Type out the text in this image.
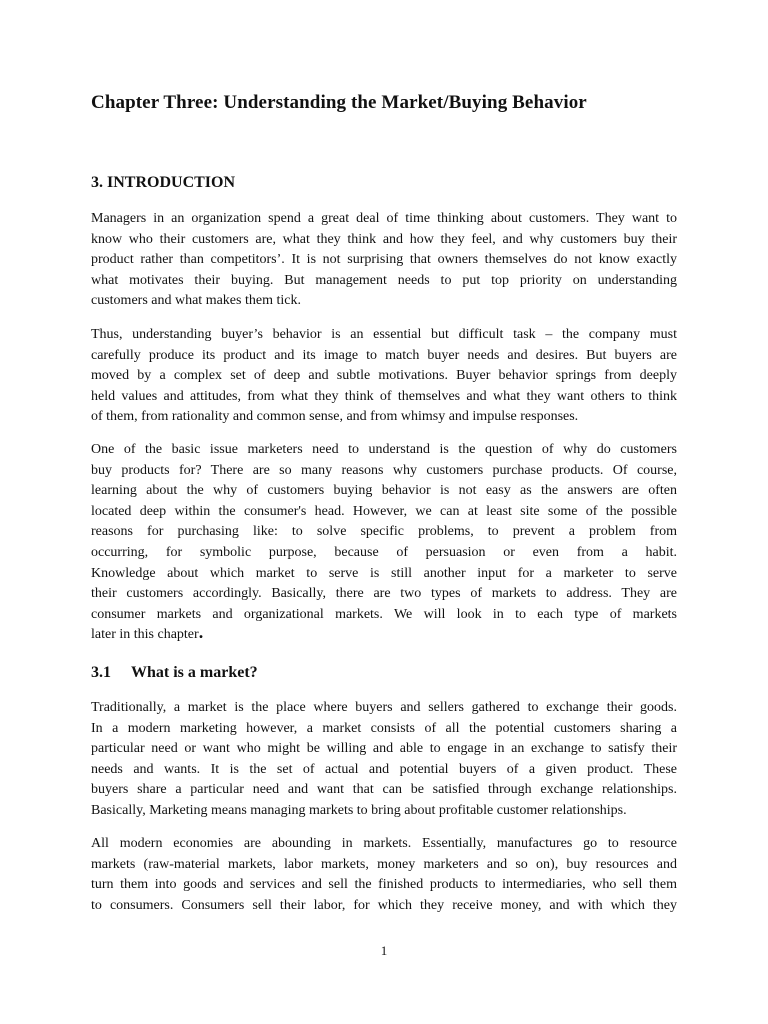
Chapter Three: Understanding the Market/Buying Behavior
3. INTRODUCTION
Managers in an organization spend a great deal of time thinking about customers. They want to
know who their customers are, what they think and how they feel, and why customers buy their
product rather than competitors’. It is not surprising that owners themselves do not know exactly
what motivates their buying. But management needs to put top priority on understanding
customers and what makes them tick.
Thus, understanding buyer’s behavior is an essential but difficult task – the company must
carefully produce its product and its image to match buyer needs and desires. But buyers are
moved by a complex set of deep and subtle motivations. Buyer behavior springs from deeply
held values and attitudes, from what they think of themselves and what they want others to think
of them, from rationality and common sense, and from whimsy and impulse responses.
One of the basic issue marketers need to understand is the question of why do customers
buy products for? There are so many reasons why customers purchase products. Of course,
learning about the why of customers buying behavior is not easy as the answers are often
located deep within the consumer's head. However, we can at least site some of the possible
reasons for purchasing like: to solve specific problems, to prevent a problem from
occurring, for symbolic purpose, because of persuasion or even from a habit.
Knowledge about which market to serve is still another input for a marketer to serve
their customers accordingly. Basically, there are two types of markets to address. They are
consumer markets and organizational markets. We will look in to each type of markets
later in this chapter.
3.1 What is a market?
Traditionally, a market is the place where buyers and sellers gathered to exchange their goods.
In a modern marketing however, a market consists of all the potential customers sharing a
particular need or want who might be willing and able to engage in an exchange to satisfy their
needs and wants. It is the set of actual and potential buyers of a given product. These
buyers share a particular need and want that can be satisfied through exchange relationships.
Basically, Marketing means managing markets to bring about profitable customer relationships.
All modern economies are abounding in markets. Essentially, manufactures go to resource
markets (raw-material markets, labor markets, money marketers and so on), buy resources and
turn them into goods and services and sell the finished products to intermediaries, who sell them
to consumers. Consumers sell their labor, for which they receive money, and with which they

1
